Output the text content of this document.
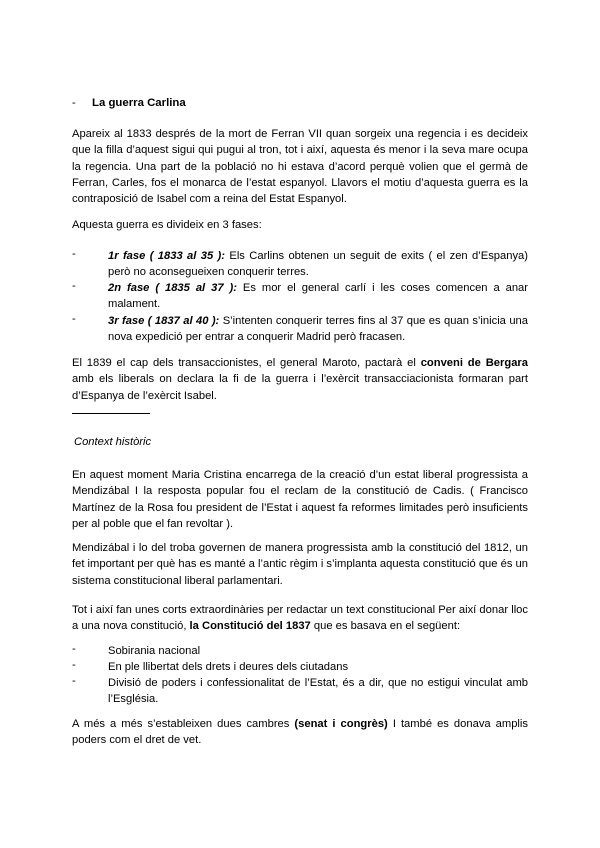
- La guerra Carlina

Apareix al 1833 després de la mort de Ferran VII quan sorgeix una regencia i es decideix que la filla d’aquest sigui qui pugui al tron, tot i així, aquesta és menor i la seva mare ocupa la regencia. Una part de la població no hi estava d’acord perquè volien que el germà de Ferran, Carles, fos el monarca de l’estat espanyol. Llavors el motiu d’aquesta guerra es la contraposició de Isabel com a reina del Estat Espanyol.

Aquesta guerra es divideix en 3 fases:

-	1r fase ( 1833 al 35 ): Els Carlins obtenen un seguit de exits ( el zen d’Espanya) però no aconsegueixen conquerir terres.

-	2n fase ( 1835 al 37 ): Es mor el general carlí i les coses comencen a anar malament.

-	3r fase ( 1837 al 40 ): S’intenten conquerir terres fins al 37 que es quan s’inicia una nova expedició per entrar a conquerir Madrid però fracasen.

El 1839 el cap dels transaccionistes, el general Maroto, pactarà el conveni de Bergara amb els liberals on declara la fi de la guerra i l’exèrcit transacciacionista formaran part d’Espanya de l’exèrcit Isabel.

Context històric

En aquest moment Maria Cristina encarrega de la creació d’un estat liberal progressista a Mendizábal I la resposta popular fou el reclam de la constitució de Cadis. ( Francisco Martínez de la Rosa fou president de l’Estat i aquest fa reformes limitades però insuficients per al poble que el fan revoltar ).

Mendizábal i lo del troba governen de manera progressista amb la constitució del 1812, un fet important per què has es manté a l’antic règim i s’implanta aquesta constitució que és un sistema constitucional liberal parlamentari.

Tot i així fan unes corts extraordinàries per redactar un text constitucional Per així donar lloc a una nova constitució, la Constitució del 1837 que es basava en el següent:

-	Sobirania nacional

-	En ple llibertat dels drets i deures dels ciutadans

-	Divisió de poders i confessionalitat de l’Estat, és a dir, que no estigui vinculat amb l’Església.

A més a més s’estableixen dues cambres (senat i congrès) I també es donava amplis poders com el dret de vet.
